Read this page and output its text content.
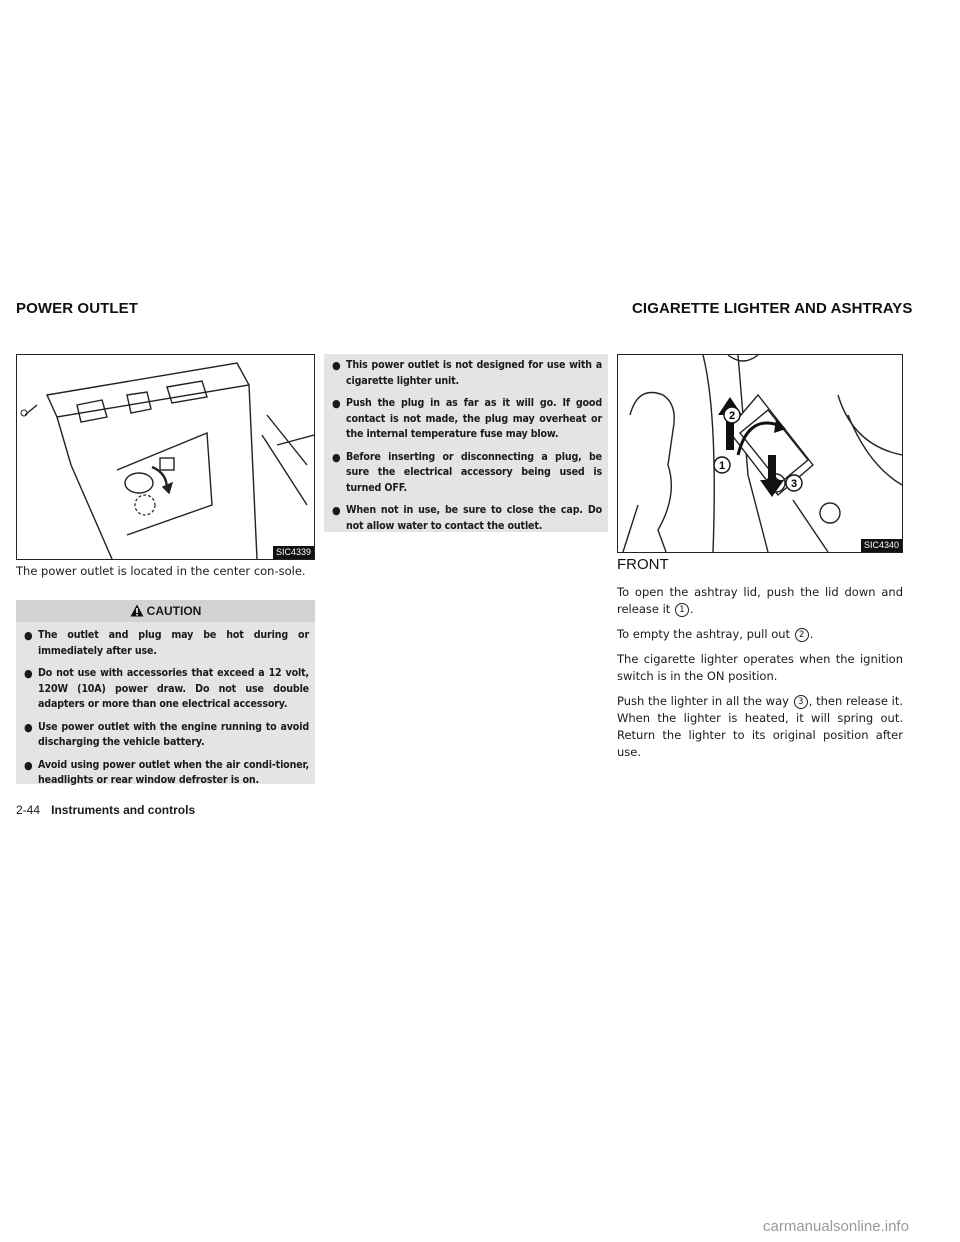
POWER OUTLET	CIGARETTE LIGHTER AND ASHTRAYS
SIC4339

The power outlet is located in the center con-sole.

CAUTION
● The outlet and plug may be hot during or immediately after use.
● Do not use with accessories that exceed a 12 volt, 120W (10A) power draw. Do not use double adapters or more than one electrical accessory.
● Use power outlet with the engine running to avoid discharging the vehicle battery.
● Avoid using power outlet when the air condi-tioner, headlights or rear window defroster is on.
● This power outlet is not designed for use with a cigarette lighter unit.
● Push the plug in as far as it will go. If good contact is not made, the plug may overheat or the internal temperature fuse may blow.
● Before inserting or disconnecting a plug, be sure the electrical accessory being used is turned OFF.
● When not in use, be sure to close the cap. Do not allow water to contact the outlet.
1
2
3
SIC4340
FRONT

To open the ashtray lid, push the lid down and release it 1 .

To empty the ashtray, pull out 2 .

The cigarette lighter operates when the ignition switch is in the ON position.

Push the lighter in all the way 3 , then release it. When the lighter is heated, it will spring out. Return the lighter to its original position after use.

2-44 Instruments and controls
carmanualsonline.info
